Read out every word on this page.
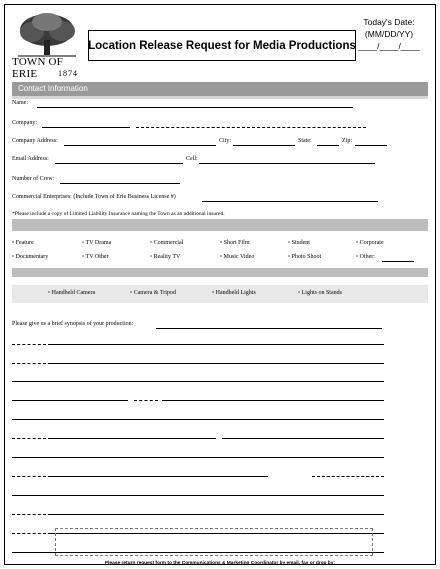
TOWN OF ERIE	1874
Location Release Request for Media Productions
Today's Date:
(MM/DD/YY)
____/____/____
Contact Information
Name:
Company:
Company Address:	City:	State:	Zip:
Email Address:	Cell:
Number of Crew:
Commercial Enterprises: (Include Town of Erie Business License #)
*Please include a copy of Limited Liability Insurance naming the Town as an additional insured.
▫ Feature	▫ TV Drama	▫ Commercial	▫ Short Film	▫ Student	▫ Corporate
▫ Documentary	▫ TV Other	▫ Reality TV	▫ Music Video	▫ Photo Shoot	▫ Other:
▫ Handheld Camera	▫ Camera & Tripod	▫ Handheld Lights	▫ Lights on Stands
Please give us a brief synopsis of your production:
Please return request form to the Communications & Marketing Coordinator by email, fax or drop by:
